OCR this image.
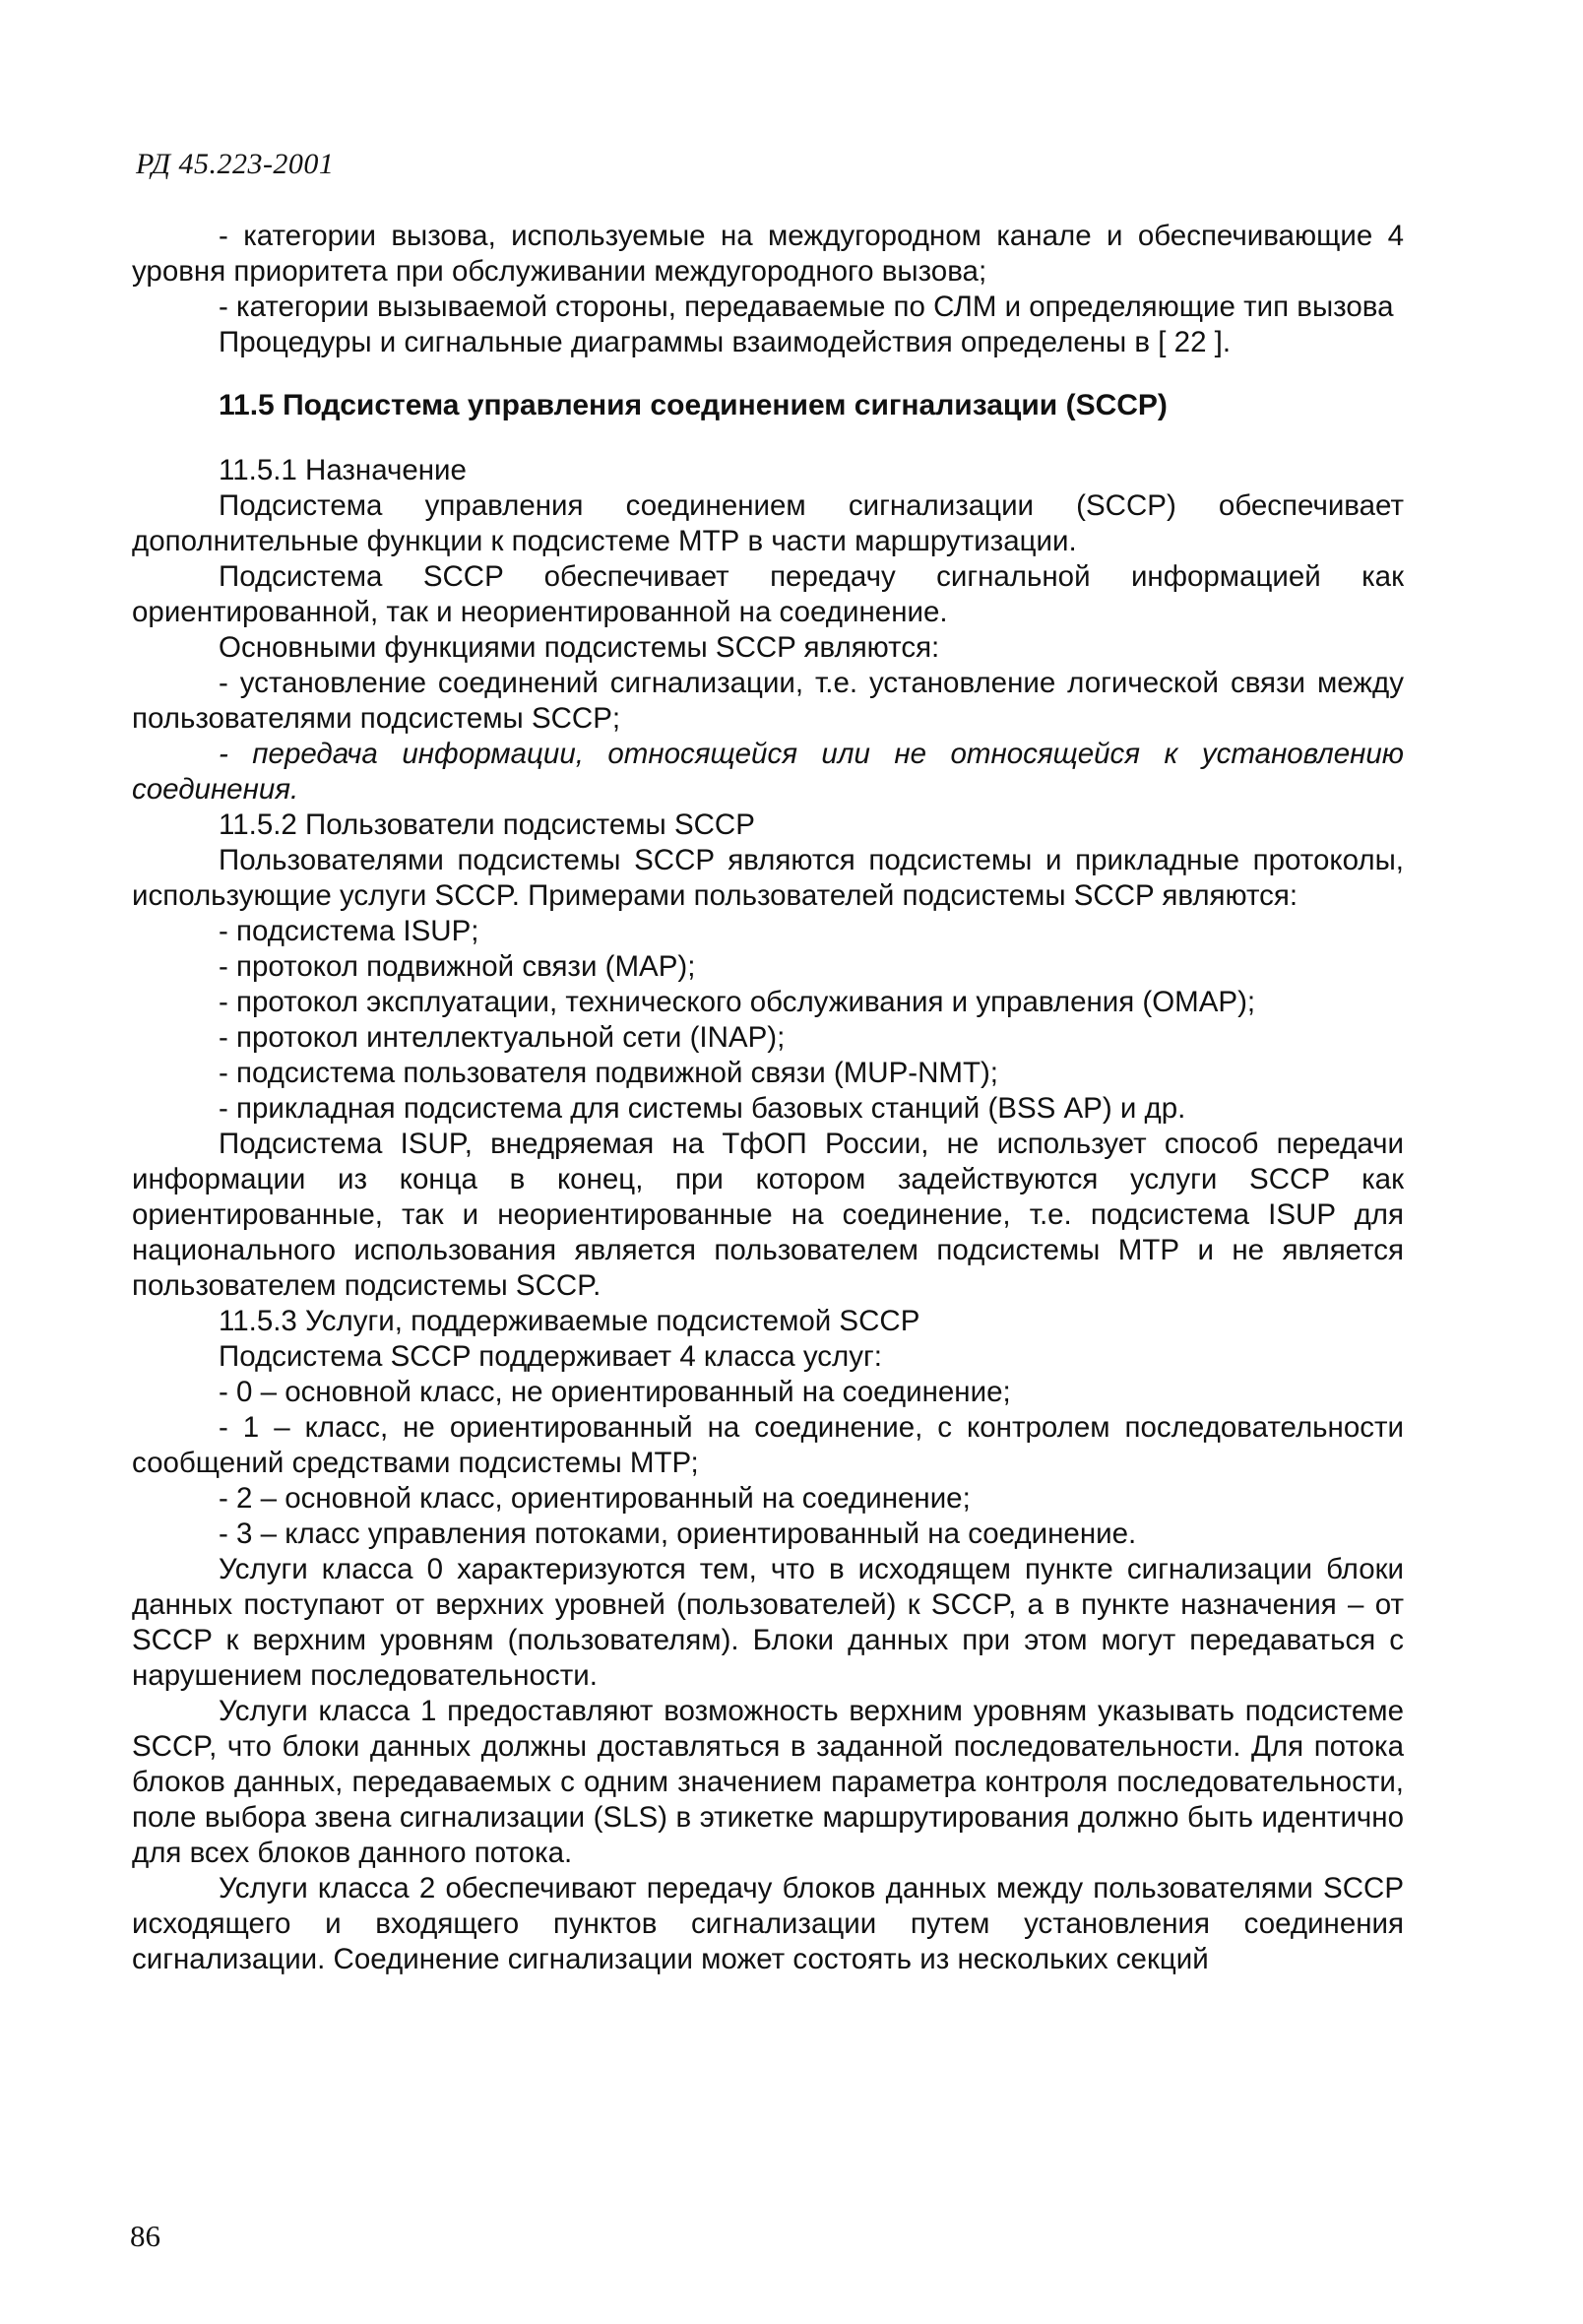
РД 45.223-2001

- категории вызова, используемые на междугородном канале и обеспечивающие 4 уровня приоритета при обслуживании междугородного вызова;

- категории вызываемой стороны, передаваемые по СЛМ и определяющие тип вызова

Процедуры и сигнальные диаграммы взаимодействия определены в [ 22 ].

11.5 Подсистема управления соединением сигнализации (SCCP)

11.5.1 Назначение

Подсистема управления соединением сигнализации (SCCP) обеспечивает дополнительные функции к подсистеме МТР в части маршрутизации.

Подсистема SCCP обеспечивает передачу сигнальной информацией как ориентированной, так и неориентированной на соединение.

Основными функциями подсистемы SCCP являются:

- установление соединений сигнализации, т.е. установление логической связи между пользователями подсистемы SCCP;

- передача информации, относящейся или не относящейся к установлению соединения.

11.5.2 Пользователи подсистемы SCCP

Пользователями подсистемы SCCP являются подсистемы и прикладные протоколы, использующие услуги SCCP. Примерами пользователей подсистемы SCCP являются:

- подсистема ISUP;

- протокол подвижной связи (MAP);

- протокол эксплуатации, технического обслуживания и управления (ОМАР);

- протокол интеллектуальной сети (INAP);

- подсистема пользователя подвижной связи (MUP-NMT);

- прикладная подсистема для системы базовых станций (BSS АР) и др.

Подсистема ISUP, внедряемая на ТфОП России, не использует способ передачи информации из конца в конец, при котором задействуются услуги SCCP как ориентированные, так и неориентированные на соединение, т.е. подсистема ISUP для национального использования является пользователем подсистемы МТР и не является пользователем подсистемы SCCP.

11.5.3 Услуги, поддерживаемые подсистемой SCCP

Подсистема SCCP поддерживает 4 класса услуг:

- 0 – основной класс, не ориентированный на соединение;

- 1 – класс, не ориентированный на соединение, с контролем последовательности сообщений средствами подсистемы МТР;

- 2 – основной класс, ориентированный на соединение;

- 3 – класс управления потоками, ориентированный на соединение.

Услуги класса 0 характеризуются тем, что в исходящем пункте сигнализации блоки данных поступают от верхних уровней (пользователей) к SCCP, а в пункте назначения – от SCCP к верхним уровням (пользователям). Блоки данных при этом могут передаваться с нарушением последовательности.

Услуги класса 1 предоставляют возможность верхним уровням указывать подсистеме SCCP, что блоки данных должны доставляться в заданной последовательности. Для потока блоков данных, передаваемых с одним значением параметра контроля последовательности, поле выбора звена сигнализации (SLS) в этикетке маршрутирования должно быть идентично для всех блоков данного потока.

Услуги класса 2 обеспечивают передачу блоков данных между пользователями SCCP исходящего и входящего пунктов сигнализации путем установления соединения сигнализации. Соединение сигнализации может состоять из нескольких секций

86
